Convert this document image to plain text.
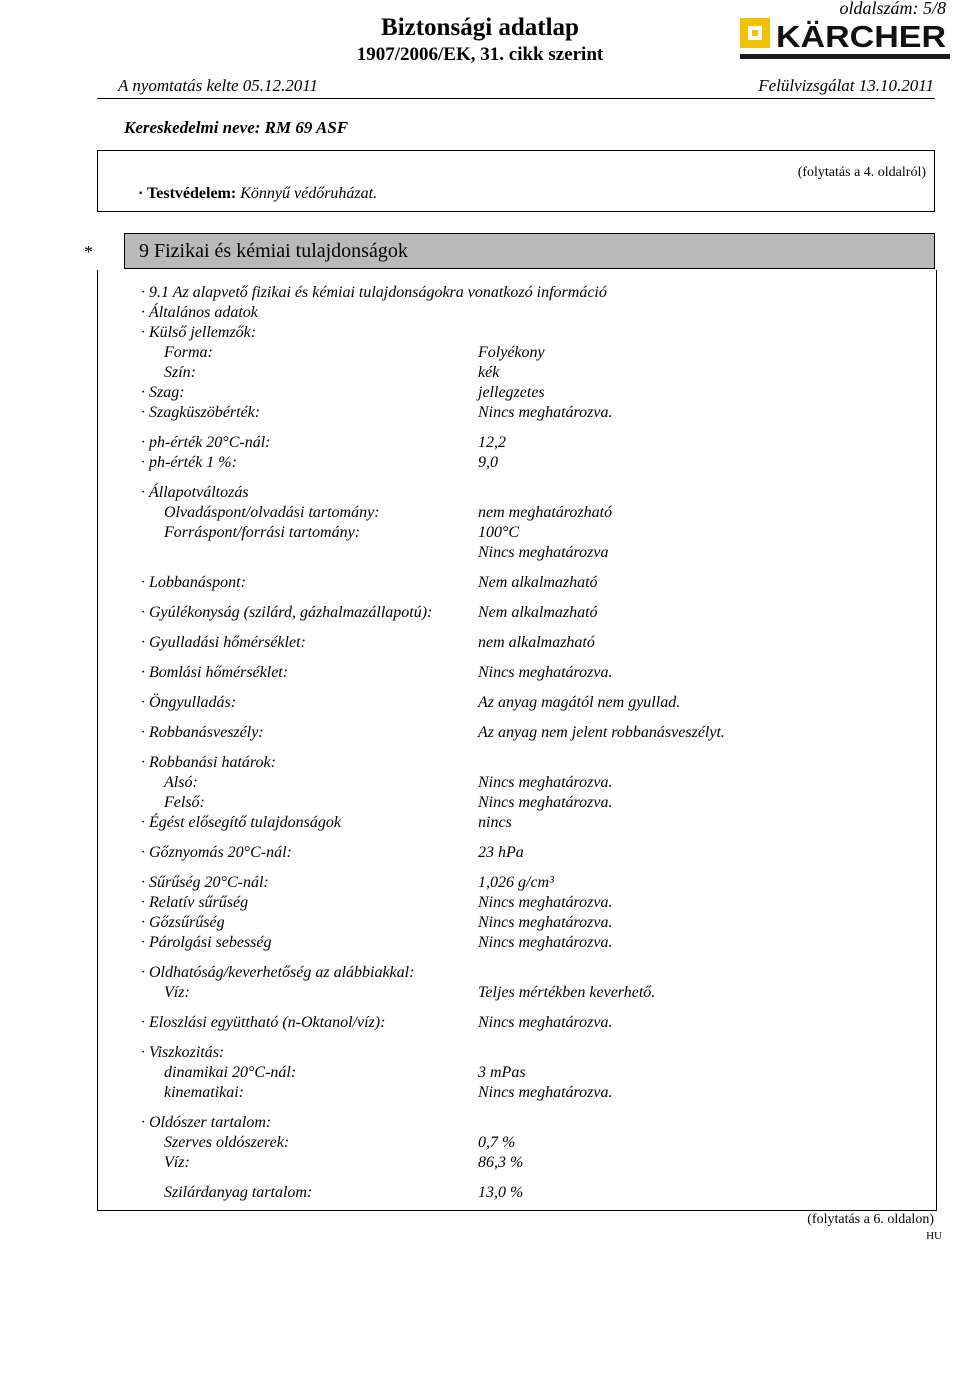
oldalszám: 5/8
Biztonsági adatlap
1907/2006/EK, 31. cikk szerint
KÄRCHER
A nyomtatás kelte 05.12.2011	Felülvizsgálat 13.10.2011
Kereskedelmi neve: RM 69 ASF
(folytatás a 4. oldalról)
· Testvédelem: Könnyű védőruházat.
* 9 Fizikai és kémiai tulajdonságok
· 9.1 Az alapvető fizikai és kémiai tulajdonságokra vonatkozó információ
· Általános adatok
· Külső jellemzők:
Forma:	Folyékony
Szín:	kék
· Szag:	jellegzetes
· Szagküszöbérték:	Nincs meghatározva.
· ph-érték 20°C-nál:	12,2
· ph-érték 1 %:	9,0
· Állapotváltozás
Olvadáspont/olvadási tartomány:	nem meghatározható
Forráspont/forrási tartomány:	100°C
Nincs meghatározva
· Lobbanáspont:	Nem alkalmazható
· Gyúlékonyság (szilárd, gázhalmazállapotú):	Nem alkalmazható
· Gyulladási hőmérséklet:	nem alkalmazható
· Bomlási hőmérséklet:	Nincs meghatározva.
· Öngyulladás:	Az anyag magától nem gyullad.
· Robbanásveszély:	Az anyag nem jelent robbanásveszélyt.
· Robbanási határok:
Alsó:	Nincs meghatározva.
Felső:	Nincs meghatározva.
· Égést elősegítő tulajdonságok	nincs
· Gőznyomás 20°C-nál:	23 hPa
· Sűrűség 20°C-nál:	1,026 g/cm³
· Relatív sűrűség	Nincs meghatározva.
· Gőzsűrűség	Nincs meghatározva.
· Párolgási sebesség	Nincs meghatározva.
· Oldhatóság/keverhetőség az alábbiakkal:
Víz:	Teljes mértékben keverhető.
· Eloszlási együttható (n-Oktanol/víz):	Nincs meghatározva.
· Viszkozitás:
dinamikai 20°C-nál:	3 mPas
kinematikai:	Nincs meghatározva.
· Oldószer tartalom:
Szerves oldószerek:	0,7 %
Víz:	86,3 %
Szilárdanyag tartalom:	13,0 %
(folytatás a 6. oldalon)
HU
